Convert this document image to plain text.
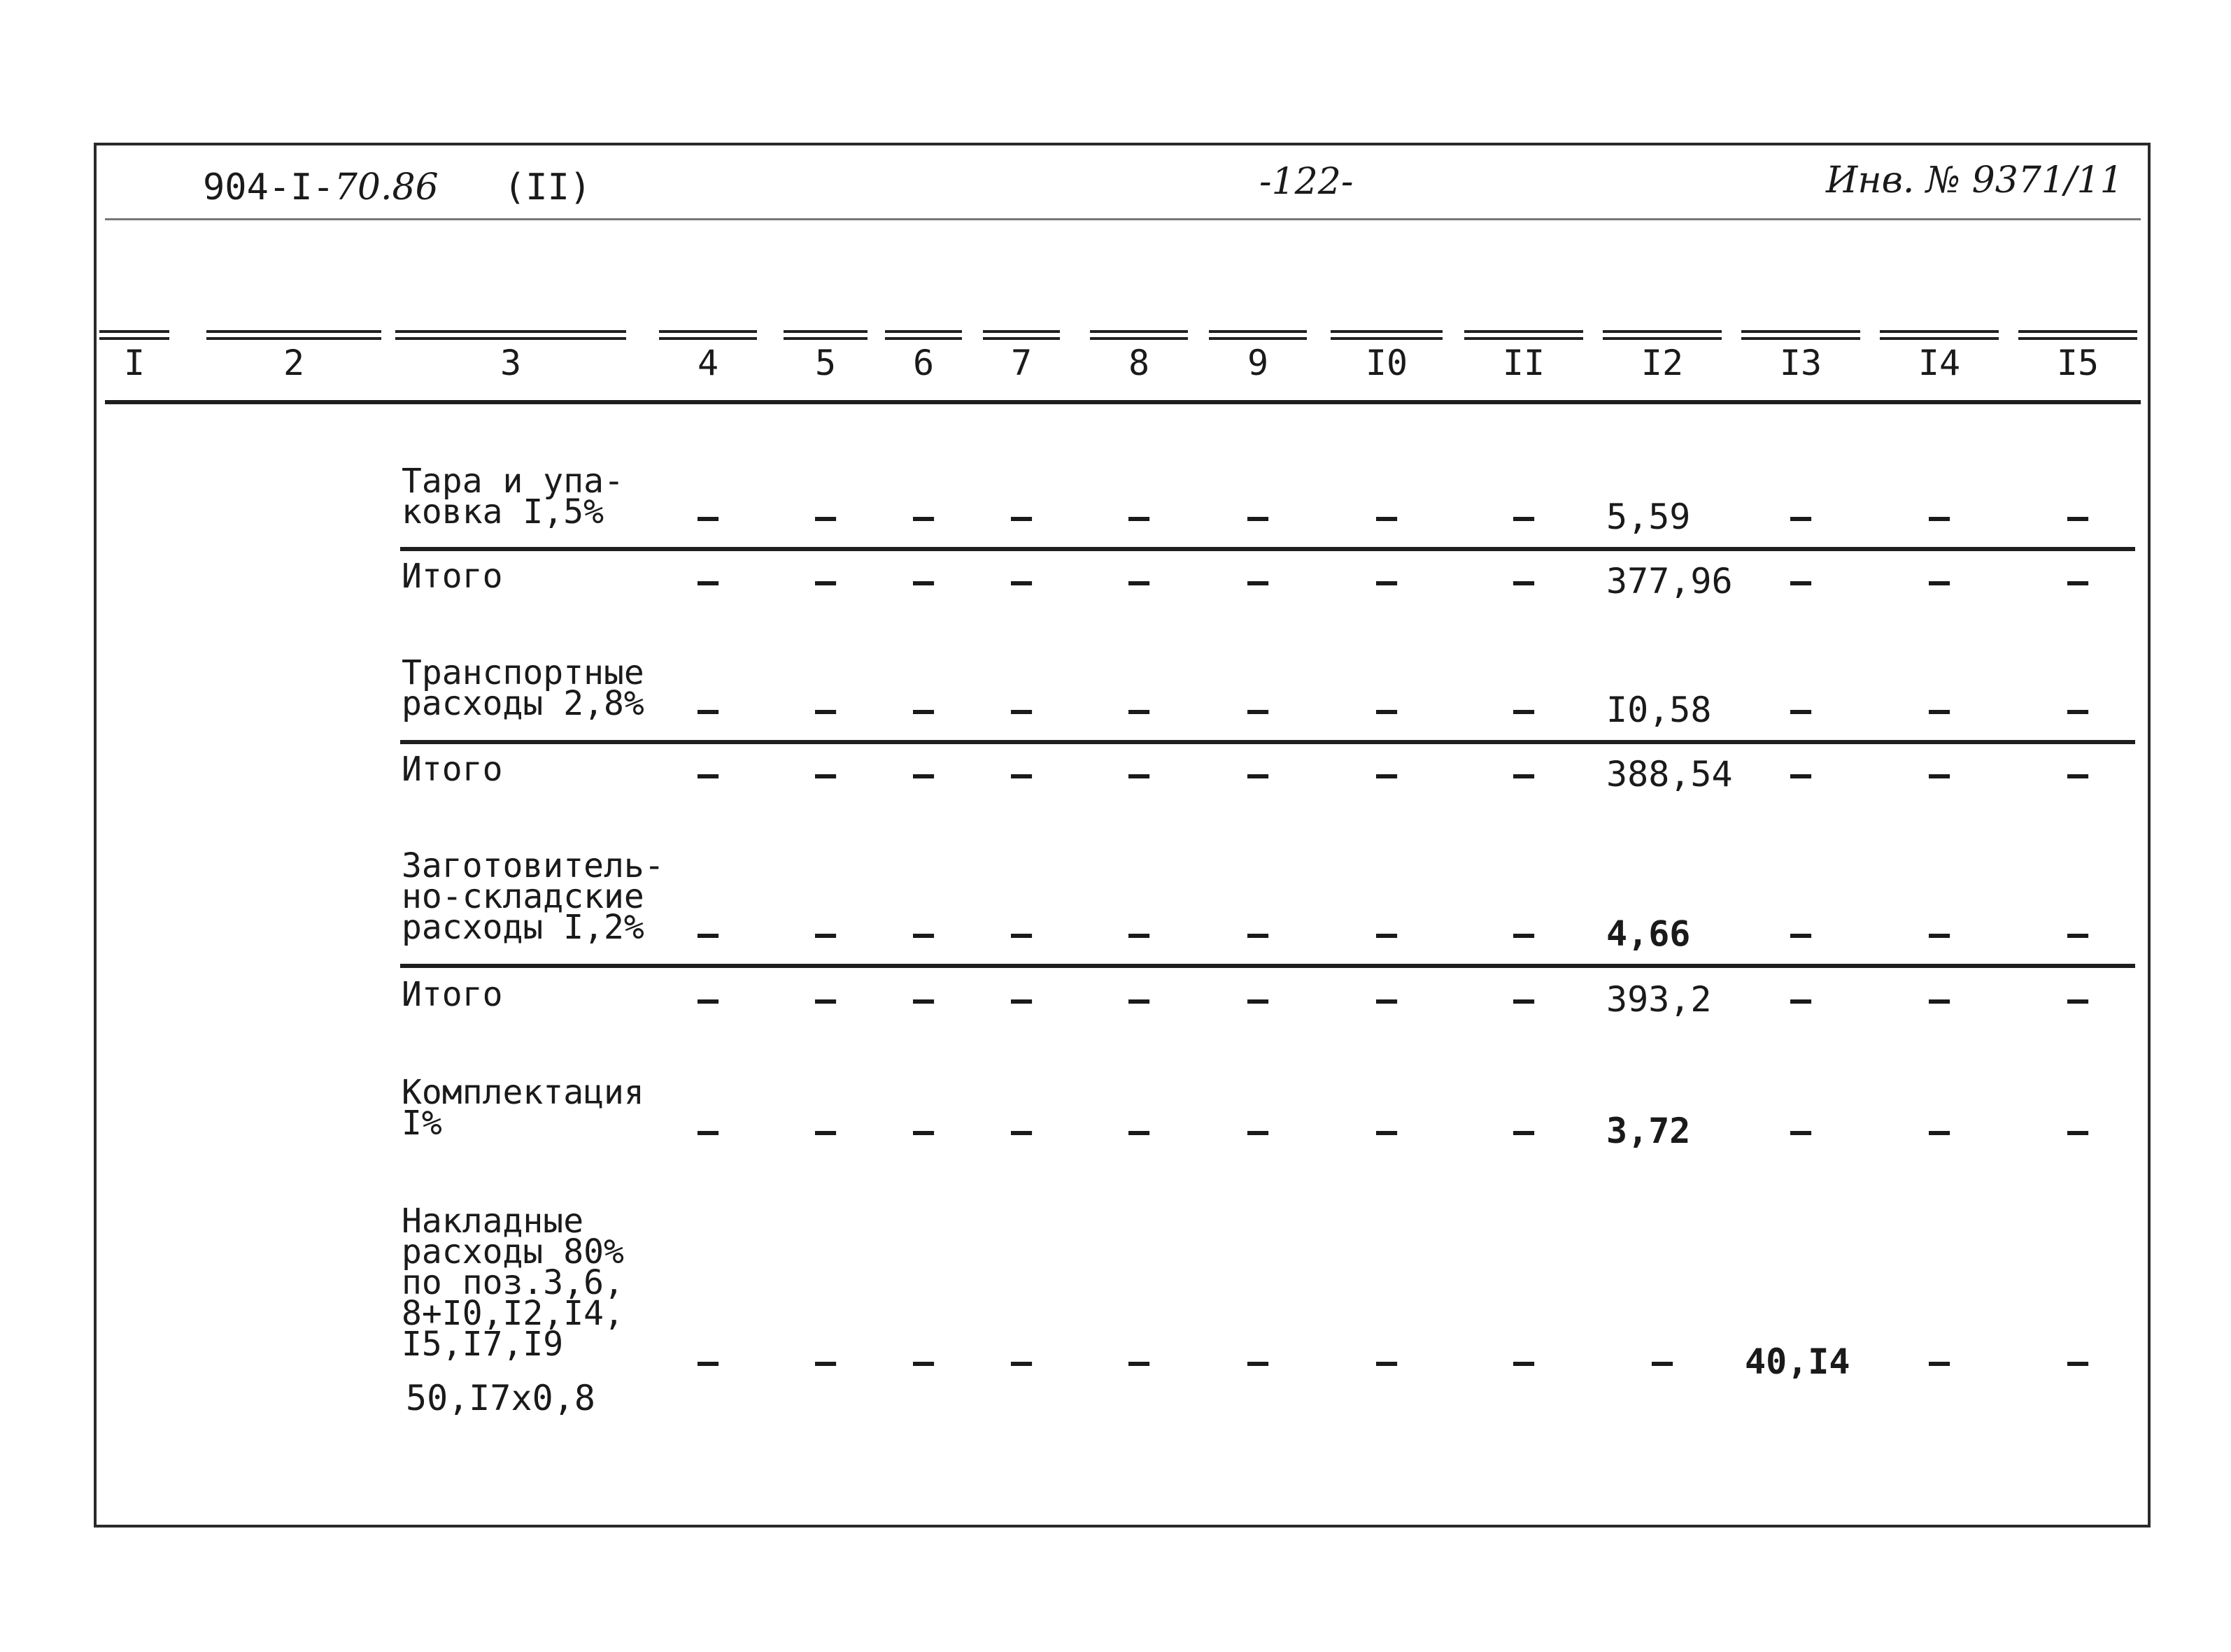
904-I-70.86 (II)	-122-	Инв. № 9371/11
I	2	3	4	5 6 7	8	9	I0	II	I2	I3	I4	I5
Тара и упа-
ковка I,5%	–	– – –	–	–	–	– 5,59	–	–	–
Итого	–	– – –	–	–	–	– 377,96 –	–	–
Транспортные
расходы 2,8% –	– – –	–	–	–	– I0,58 –	–	–
Итого	–	– – –	–	–	–	– 388,54 –	–	–
Заготовитель-
но-складские
расходы I,2%	–	– – –	–	–	–	– 4,66	–	–	–
Итого	–	– – –	–	–	–	– 393,2 –	–	–
Комплектация
I%	–	– – –	–	–	–	– 3,72	–	–	–
Накладные
расходы 80%
по поз.3,6,
8+I0,I2,I4,
I5,I7,I9	–	– – –	–	–	–	–	– 40,I4 –	–
50,I7x0,8
